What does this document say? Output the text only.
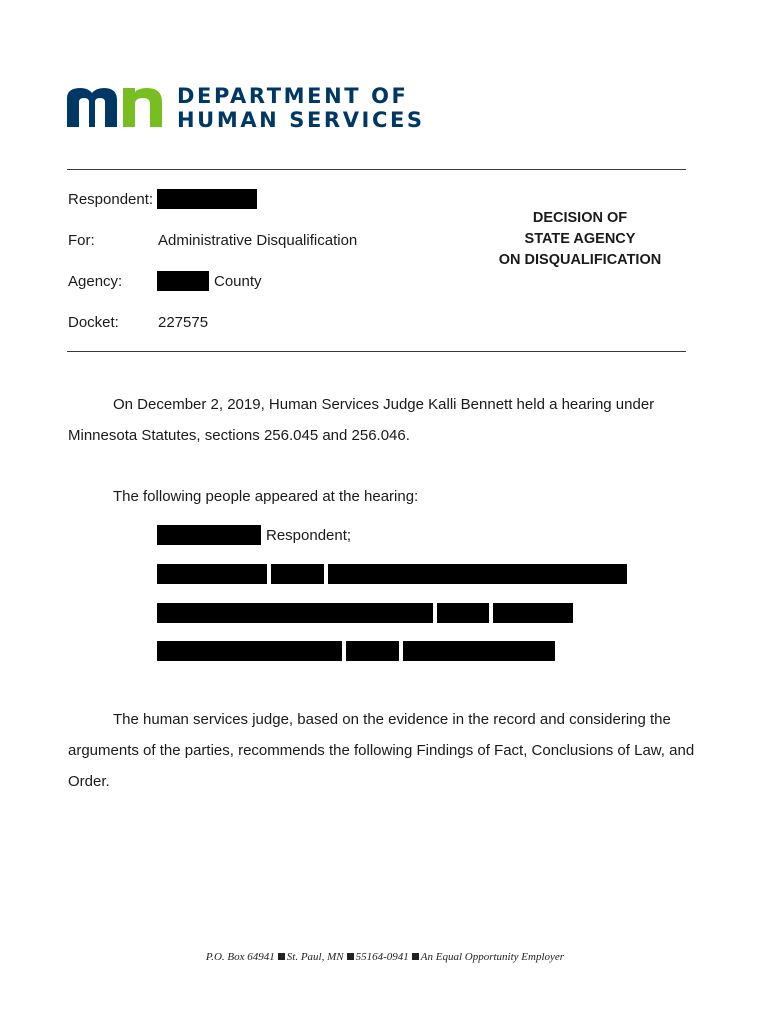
DEPARTMENT OF
HUMAN SERVICES
Respondent:
For:	Administrative Disqualification
Agency:	County
Docket:	227575
DECISION OF
STATE AGENCY
ON DISQUALIFICATION
On December 2, 2019, Human Services Judge Kalli Bennett held a hearing under
Minnesota Statutes, sections 256.045 and 256.046.
The following people appeared at the hearing:
Respondent;
The human services judge, based on the evidence in the record and considering the
arguments of the parties, recommends the following Findings of Fact, Conclusions of Law, and
Order.
P.O. Box 64941 St. Paul, MN 55164-0941 An Equal Opportunity Employer
